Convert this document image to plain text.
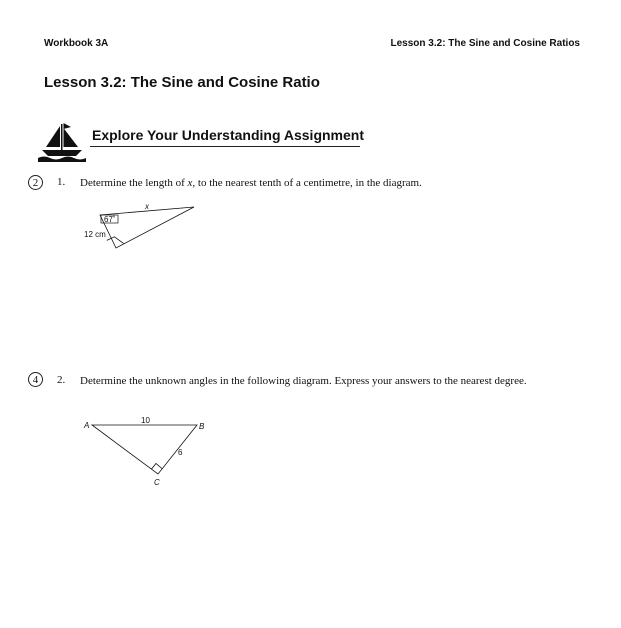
Workbook 3A	Lesson 3.2: The Sine and Cosine Ratios
Lesson 3.2: The Sine and Cosine Ratio
Explore Your Understanding Assignment
2	1. Determine the length of x, to the nearest tenth of a centimetre, in the diagram.
67˚
x
12 cm
4	2. Determine the unknown angles in the following diagram. Express your answers to the nearest degree.
A	B
C
10
6
